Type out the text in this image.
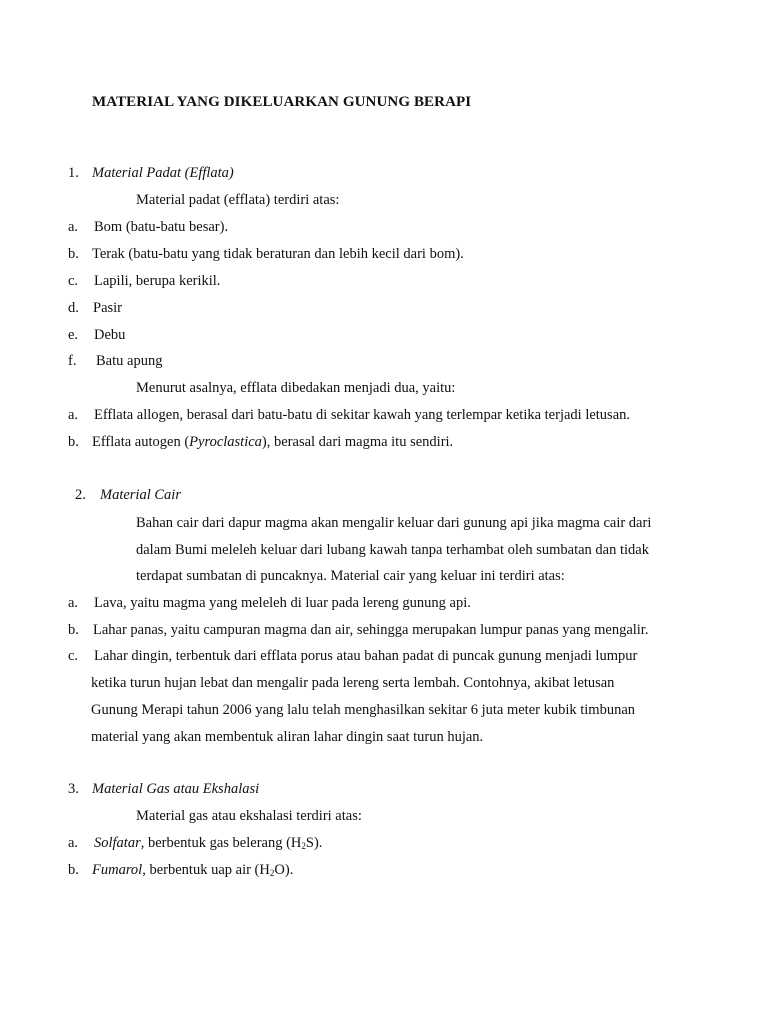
MATERIAL YANG DIKELUARKAN GUNUNG BERAPI
1. Material Padat (Efflata)
Material padat (efflata) terdiri atas:
a. Bom (batu-batu besar).
b. Terak (batu-batu yang tidak beraturan dan lebih kecil dari bom).
c. Lapili, berupa kerikil.
d. Pasir
e. Debu
f. Batu apung
Menurut asalnya, efflata dibedakan menjadi dua, yaitu:
a. Efflata allogen, berasal dari batu-batu di sekitar kawah yang terlempar ketika terjadi letusan.
b. Efflata autogen (Pyroclastica), berasal dari magma itu sendiri.
2. Material Cair
Bahan cair dari dapur magma akan mengalir keluar dari gunung api jika magma cair dari
dalam Bumi meleleh keluar dari lubang kawah tanpa terhambat oleh sumbatan dan tidak
terdapat sumbatan di puncaknya. Material cair yang keluar ini terdiri atas:
a. Lava, yaitu magma yang meleleh di luar pada lereng gunung api.
b. Lahar panas, yaitu campuran magma dan air, sehingga merupakan lumpur panas yang mengalir.
c. Lahar dingin, terbentuk dari efflata porus atau bahan padat di puncak gunung menjadi lumpur
ketika turun hujan lebat dan mengalir pada lereng serta lembah. Contohnya, akibat letusan
Gunung Merapi tahun 2006 yang lalu telah menghasilkan sekitar 6 juta meter kubik timbunan
material yang akan membentuk aliran lahar dingin saat turun hujan.
3. Material Gas atau Ekshalasi
Material gas atau ekshalasi terdiri atas:
a. Solfatar, berbentuk gas belerang $(H_2S)$.
b. Fumarol, berbentuk uap air $(H_2O)$.
